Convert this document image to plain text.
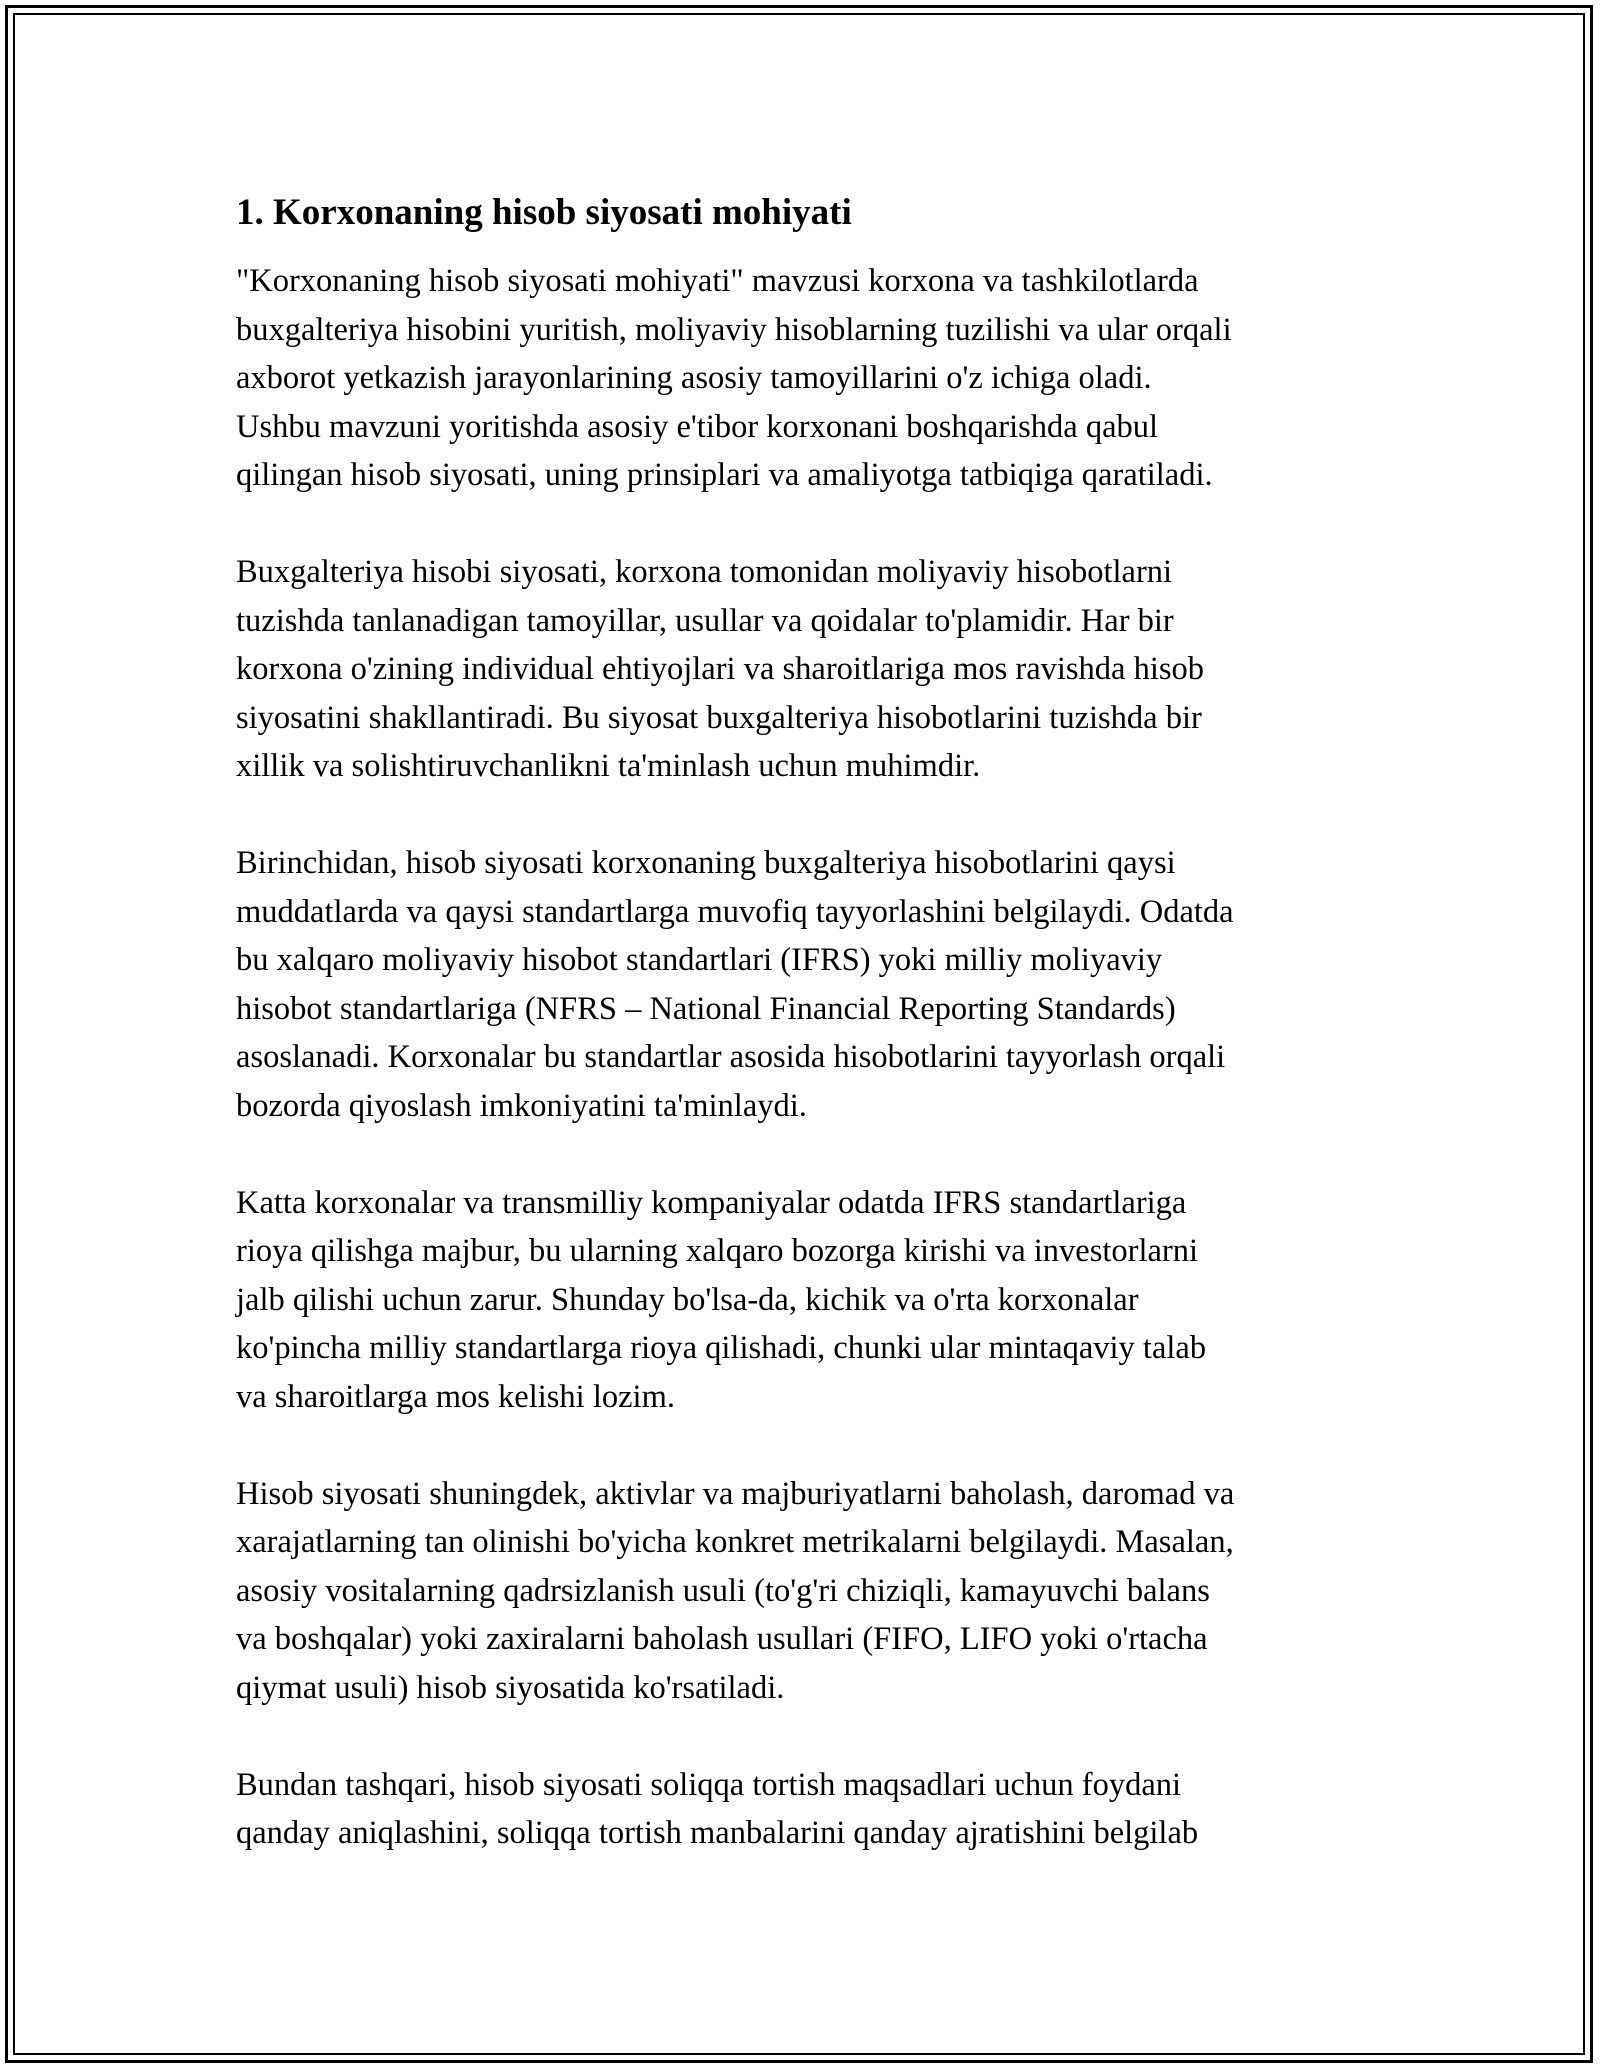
1. Korxonaning hisob siyosati mohiyati

"Korxonaning hisob siyosati mohiyati" mavzusi korxona va tashkilotlarda
buxgalteriya hisobini yuritish, moliyaviy hisoblarning tuzilishi va ular orqali
axborot yetkazish jarayonlarining asosiy tamoyillarini o'z ichiga oladi.
Ushbu mavzuni yoritishda asosiy e'tibor korxonani boshqarishda qabul
qilingan hisob siyosati, uning prinsiplari va amaliyotga tatbiqiga qaratiladi.

Buxgalteriya hisobi siyosati, korxona tomonidan moliyaviy hisobotlarni
tuzishda tanlanadigan tamoyillar, usullar va qoidalar to'plamidir. Har bir
korxona o'zining individual ehtiyojlari va sharoitlariga mos ravishda hisob
siyosatini shakllantiradi. Bu siyosat buxgalteriya hisobotlarini tuzishda bir
xillik va solishtiruvchanlikni ta'minlash uchun muhimdir.

Birinchidan, hisob siyosati korxonaning buxgalteriya hisobotlarini qaysi
muddatlarda va qaysi standartlarga muvofiq tayyorlashini belgilaydi. Odatda
bu xalqaro moliyaviy hisobot standartlari (IFRS) yoki milliy moliyaviy
hisobot standartlariga (NFRS – National Financial Reporting Standards)
asoslanadi. Korxonalar bu standartlar asosida hisobotlarini tayyorlash orqali
bozorda qiyoslash imkoniyatini ta'minlaydi.

Katta korxonalar va transmilliy kompaniyalar odatda IFRS standartlariga
rioya qilishga majbur, bu ularning xalqaro bozorga kirishi va investorlarni
jalb qilishi uchun zarur. Shunday bo'lsa-da, kichik va o'rta korxonalar
ko'pincha milliy standartlarga rioya qilishadi, chunki ular mintaqaviy talab
va sharoitlarga mos kelishi lozim.

Hisob siyosati shuningdek, aktivlar va majburiyatlarni baholash, daromad va
xarajatlarning tan olinishi bo'yicha konkret metrikalarni belgilaydi. Masalan,
asosiy vositalarning qadrsizlanish usuli (to'g'ri chiziqli, kamayuvchi balans
va boshqalar) yoki zaxiralarni baholash usullari (FIFO, LIFO yoki o'rtacha
qiymat usuli) hisob siyosatida ko'rsatiladi.

Bundan tashqari, hisob siyosati soliqqa tortish maqsadlari uchun foydani
qanday aniqlashini, soliqqa tortish manbalarini qanday ajratishini belgilab
